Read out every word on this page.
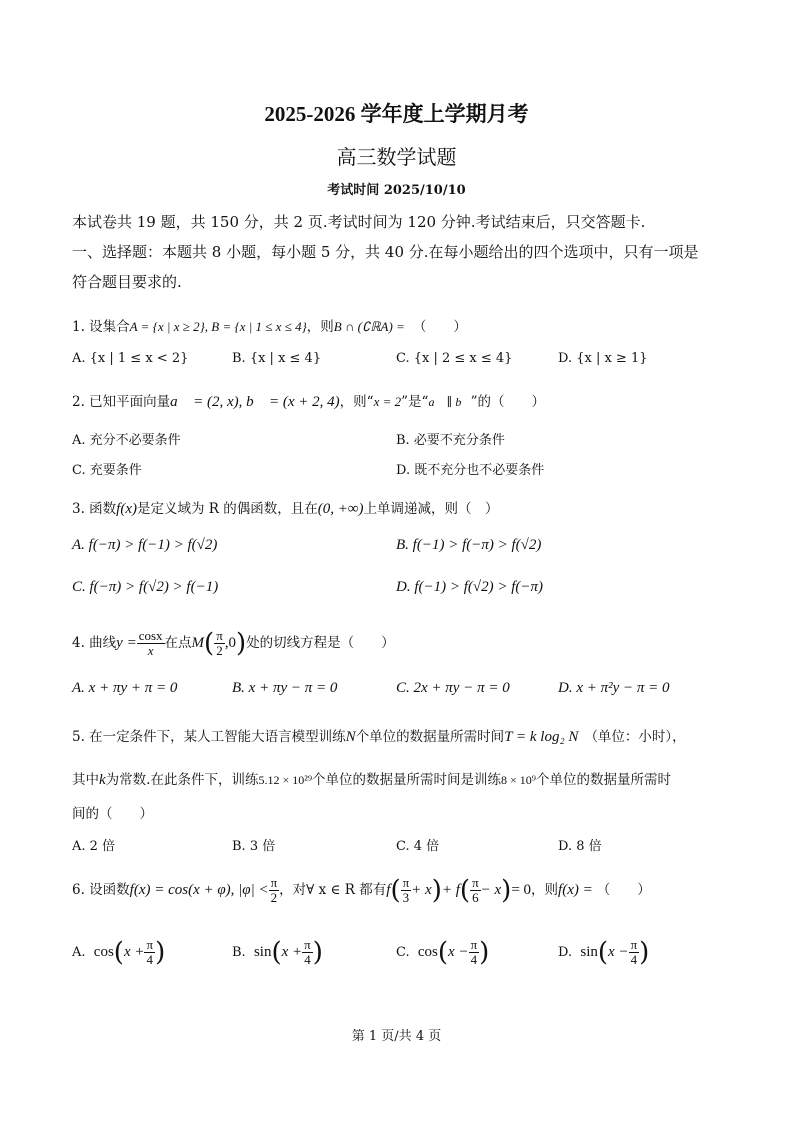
2025-2026 学年度上学期月考
高三数学试题
考试时间 2025/10/10
本试卷共 19 题，共 150 分，共 2 页.考试时间为 120 分钟.考试结束后，只交答题卡.
一、选择题：本题共 8 小题，每小题 5 分，共 40 分.在每小题给出的四个选项中，只有一项是
符合题目要求的.
1. 设集合A = {x | x ≥ 2}, B = {x | 1 ≤ x ≤ 4}，则B ∩ (∁ℝA) = （　　）
A. {x | 1 ≤ x < 2}	B. {x | x ≤ 4}	C. {x | 2 ≤ x ≤ 4}	D. {x | x ≥ 1}
2. 已知平面向量a⃗ = (2, x), b⃗ = (x + 2, 4)，则“x = 2”是“a⃗ ∥ b⃗”的（　　）
A. 充分不必要条件	B. 必要不充分条件
C. 充要条件	D. 既不充分也不必要条件
3. 函数f(x)是定义域为 R 的偶函数，且在(0, +∞)上单调递减，则（　）
A. f(−π) > f(−1) > f(√2)	B. f(−1) > f(−π) > f(√2)
C. f(−π) > f(√2) > f(−1)	D. f(−1) > f(√2) > f(−π)
4. 曲线$y = \frac{\cos x}{x}$ 在点$M( \frac{\pi}{2} ,0)$处的切线方程是（　　）
A. x + πy + π = 0	B. x + πy − π = 0	C. 2x + πy − π = 0	D. x + π²y − π = 0
5. 在一定条件下，某人工智能大语言模型训练N个单位的数据量所需时间T = k log₂ N （单位：小时），
其中k为常数.在此条件下，训练5.12 × 10²⁹个单位的数据量所需时间是训练8 × 10⁹个单位的数据量所需时
间的（　　）
A. 2 倍	B. 3 倍	C. 4 倍	D. 8 倍
6. 设函数f(x) = cos(x + φ), $|\varphi| < \frac{\pi}{2}$ ，对∀ x ∈ R 都有$f( \frac{\pi}{3} + x)+ f( \frac{\pi}{6} - x)= 0$，则f(x) = （　　）
A. $\cos(x + \frac{\pi}{4}$ )	B. $\sin(x + \frac{\pi}{4}$ )	C. $\cos(x - \frac{\pi}{4}$ )	D. $\sin(x - \frac{\pi}{4}$ )
第 1 页/共 4 页
